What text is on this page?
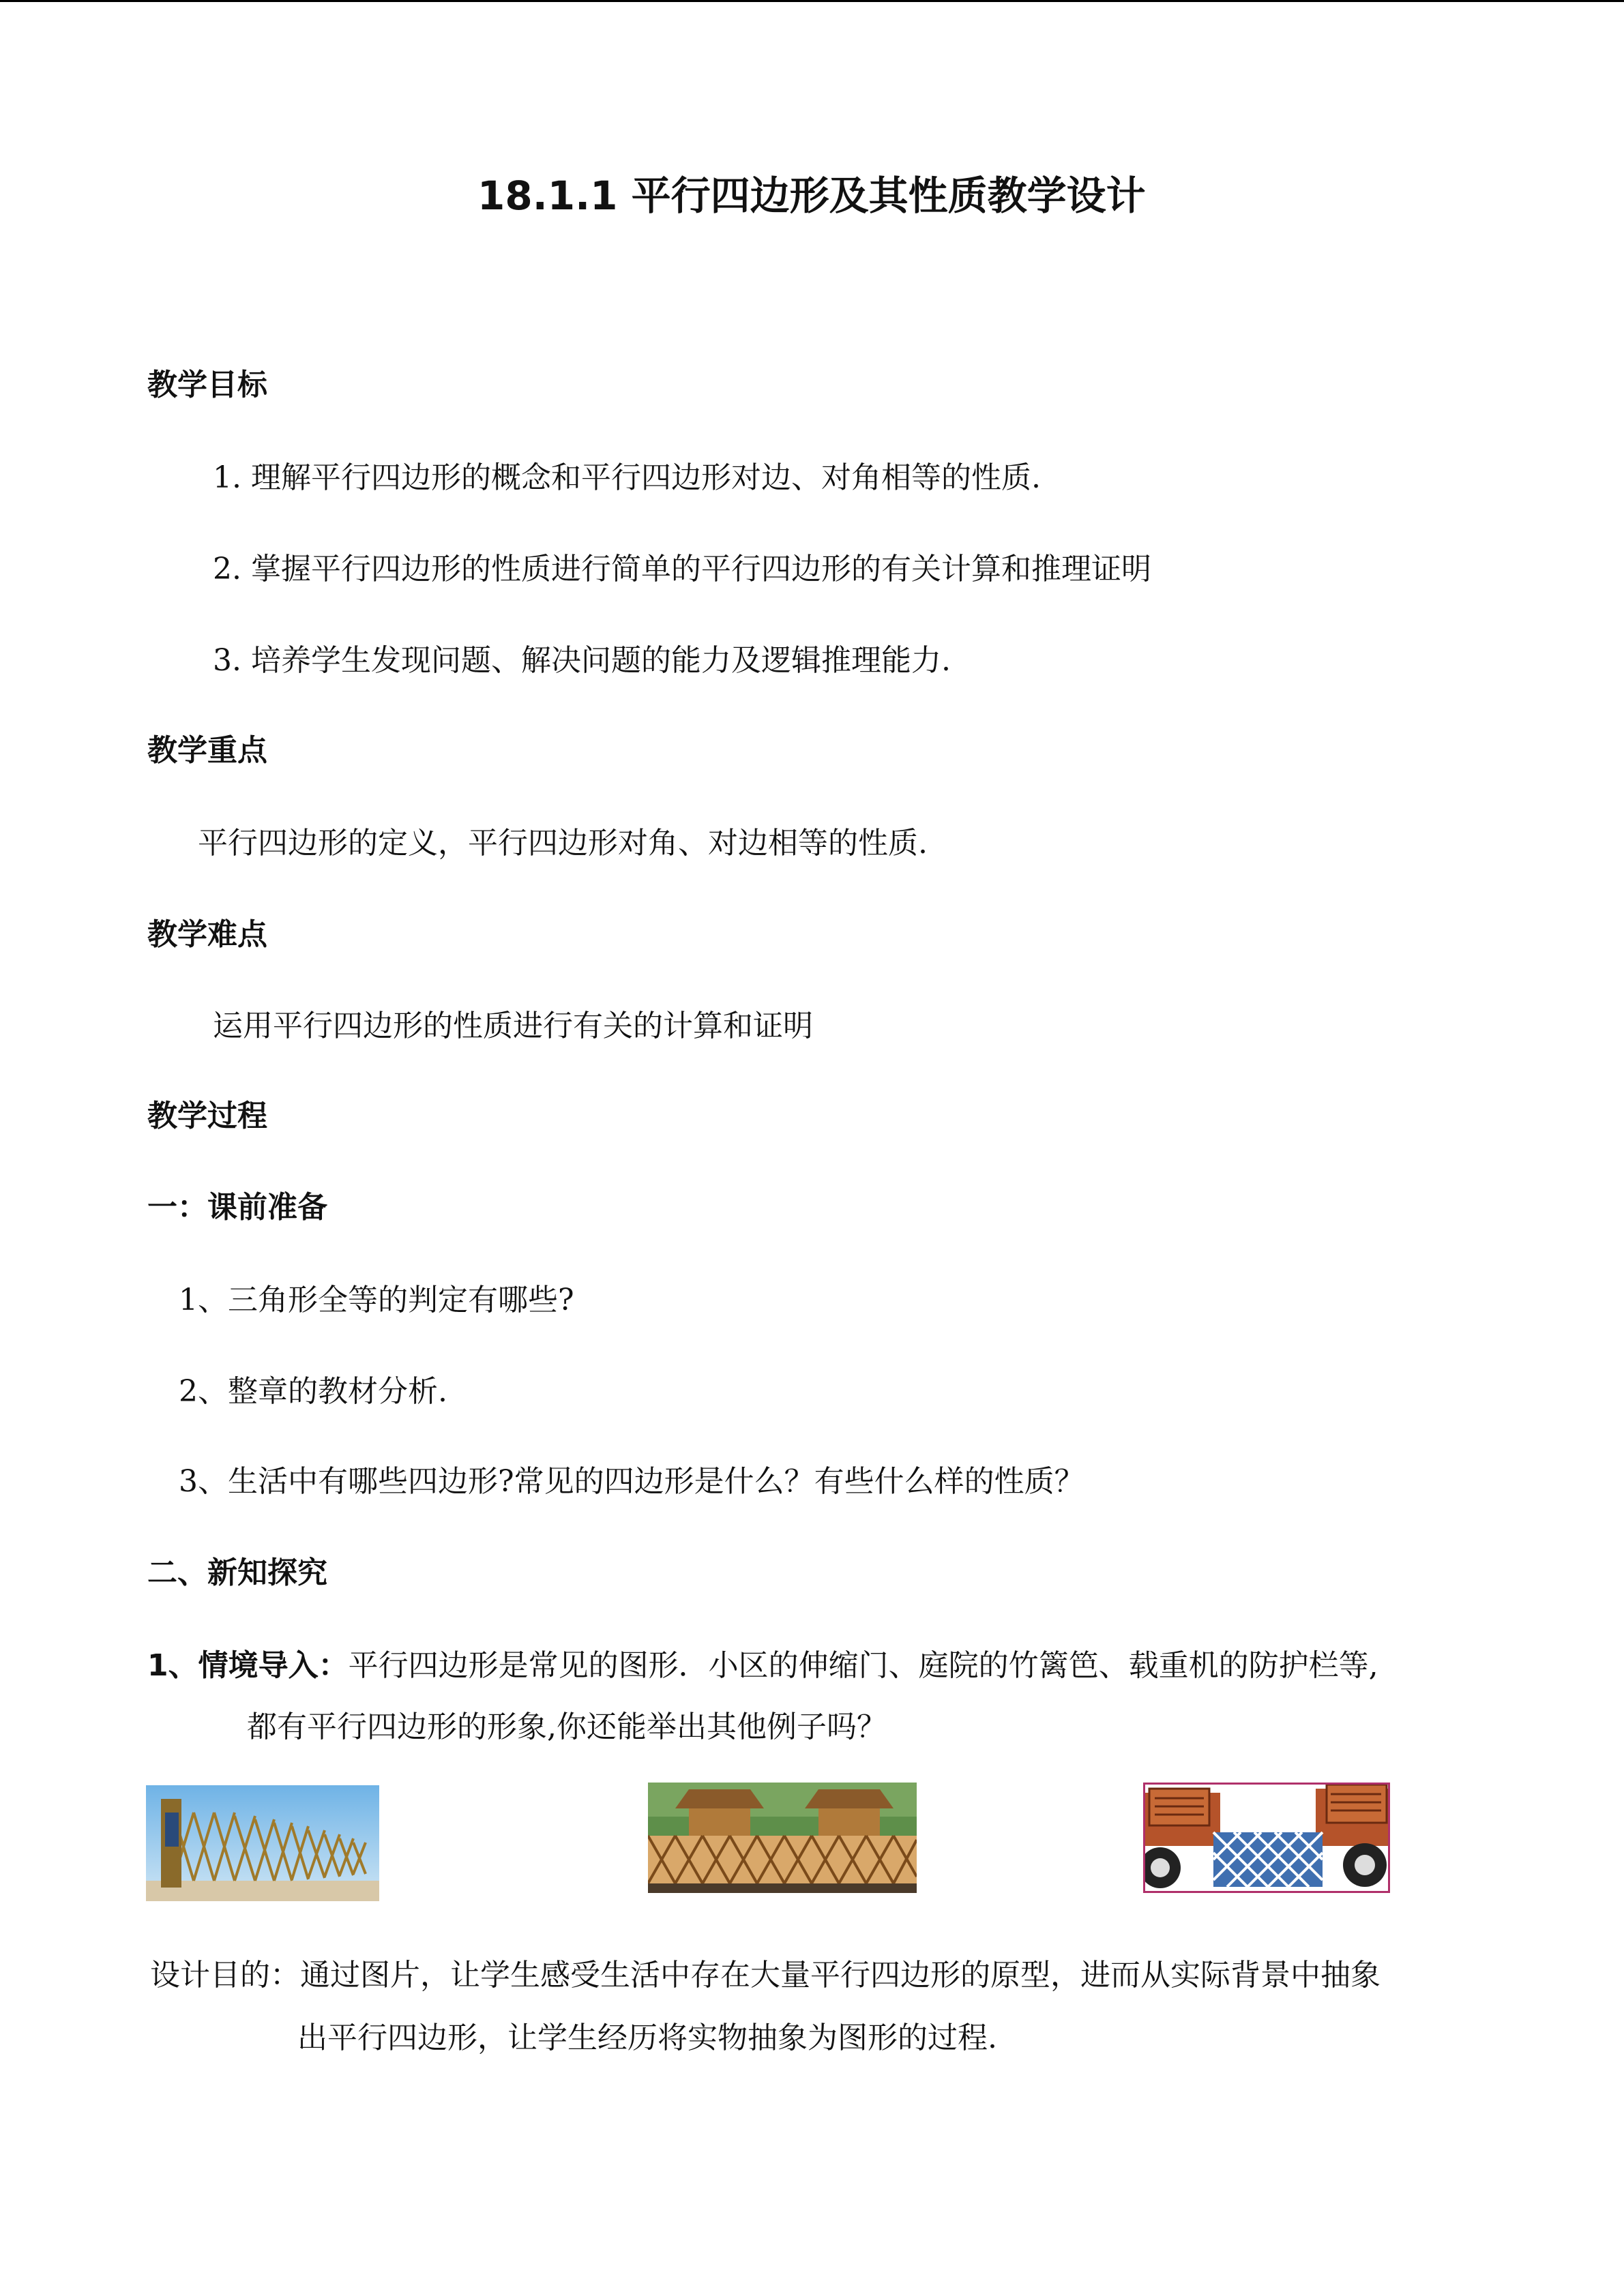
18.1.1 平行四边形及其性质教学设计
教学目标
1. 理解平行四边形的概念和平行四边形对边、对角相等的性质.
2. 掌握平行四边形的性质进行简单的平行四边形的有关计算和推理证明
3. 培养学生发现问题、解决问题的能力及逻辑推理能力.
教学重点
平行四边形的定义，平行四边形对角、对边相等的性质.
教学难点
运用平行四边形的性质进行有关的计算和证明
教学过程
一：课前准备
1、三角形全等的判定有哪些?
2、整章的教材分析.
3、生活中有哪些四边形?常见的四边形是什么？有些什么样的性质？
二、新知探究
1、情境导入：平行四边形是常见的图形．小区的伸缩门、庭院的竹篱笆、载重机的防护栏等,
都有平行四边形的形象,你还能举出其他例子吗？
设计目的：通过图片，让学生感受生活中存在大量平行四边形的原型，进而从实际背景中抽象
出平行四边形，让学生经历将实物抽象为图形的过程.
